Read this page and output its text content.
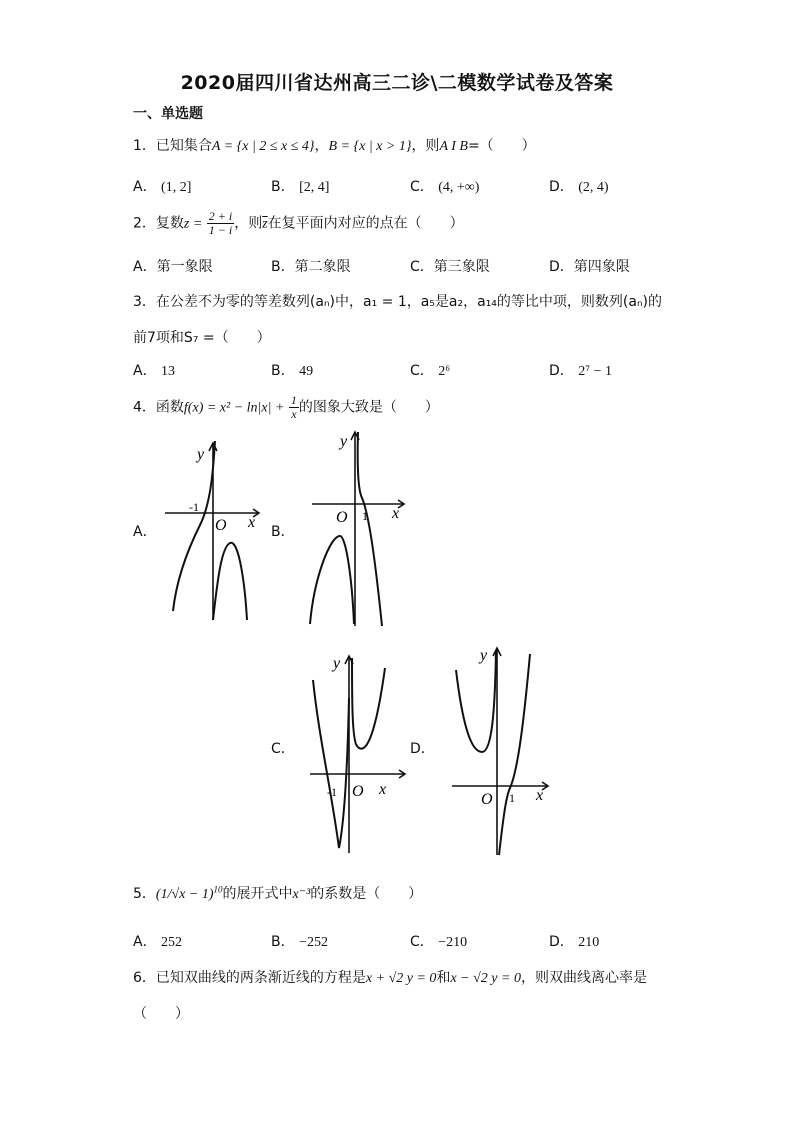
2020届四川省达州高三二诊\二模数学试卷及答案
一、单选题
1．已知集合A = {x | 2 ≤ x ≤ 4}，B = {x | x > 1}，则A I B=（　　）
A． (1, 2]	B． [2, 4]	C． (4, +∞)	D． (2, 4)
2．复数$z = \frac{2 + i}{1 - i}$ ，则$\overline{z}$在复平面内对应的点在（　　）
A．第一象限	B．第二象限	C．第三象限	D．第四象限
3．在公差不为零的等差数列(aₙ)中，a₁ = 1，a₅是a₂，a₁₄的等比中项，则数列(aₙ)的
前7项和S₇ =（　　）
A． 13	B． 49	C． 2⁶	D． 2⁷ − 1
4．函数$f(x) = x^2 - \ln|x| + \frac{1}{x}$ 的图象大致是（　　）
A．	B．
C．	D．
y
x
O
-1
y
x
O 1
y
x
O
-1
y
x
O 1
5．$(1/√x - 1)^{10}$的展开式中x⁻³的系数是（　　）
A． 252	B． −252	C． −210	D． 210
6．已知双曲线的两条渐近线的方程是x + √2 y = 0和x − √2 y = 0，则双曲线离心率是
（　　）
